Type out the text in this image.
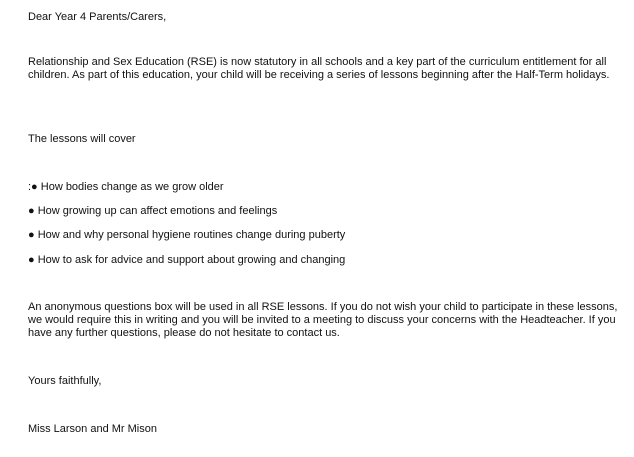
Dear Year 4 Parents/Carers,
Relationship and Sex Education (RSE) is now statutory in all schools and a key part of the curriculum entitlement for all children. As part of this education, your child will be receiving a series of lessons beginning after the Half-Term holidays.
The lessons will cover
:● How bodies change as we grow older
● How growing up can affect emotions and feelings
● How and why personal hygiene routines change during puberty
● How to ask for advice and support about growing and changing
An anonymous questions box will be used in all RSE lessons. If you do not wish your child to participate in these lessons, we would require this in writing and you will be invited to a meeting to discuss your concerns with the Headteacher. If you have any further questions, please do not hesitate to contact us.
Yours faithfully,
Miss Larson and Mr Mison
